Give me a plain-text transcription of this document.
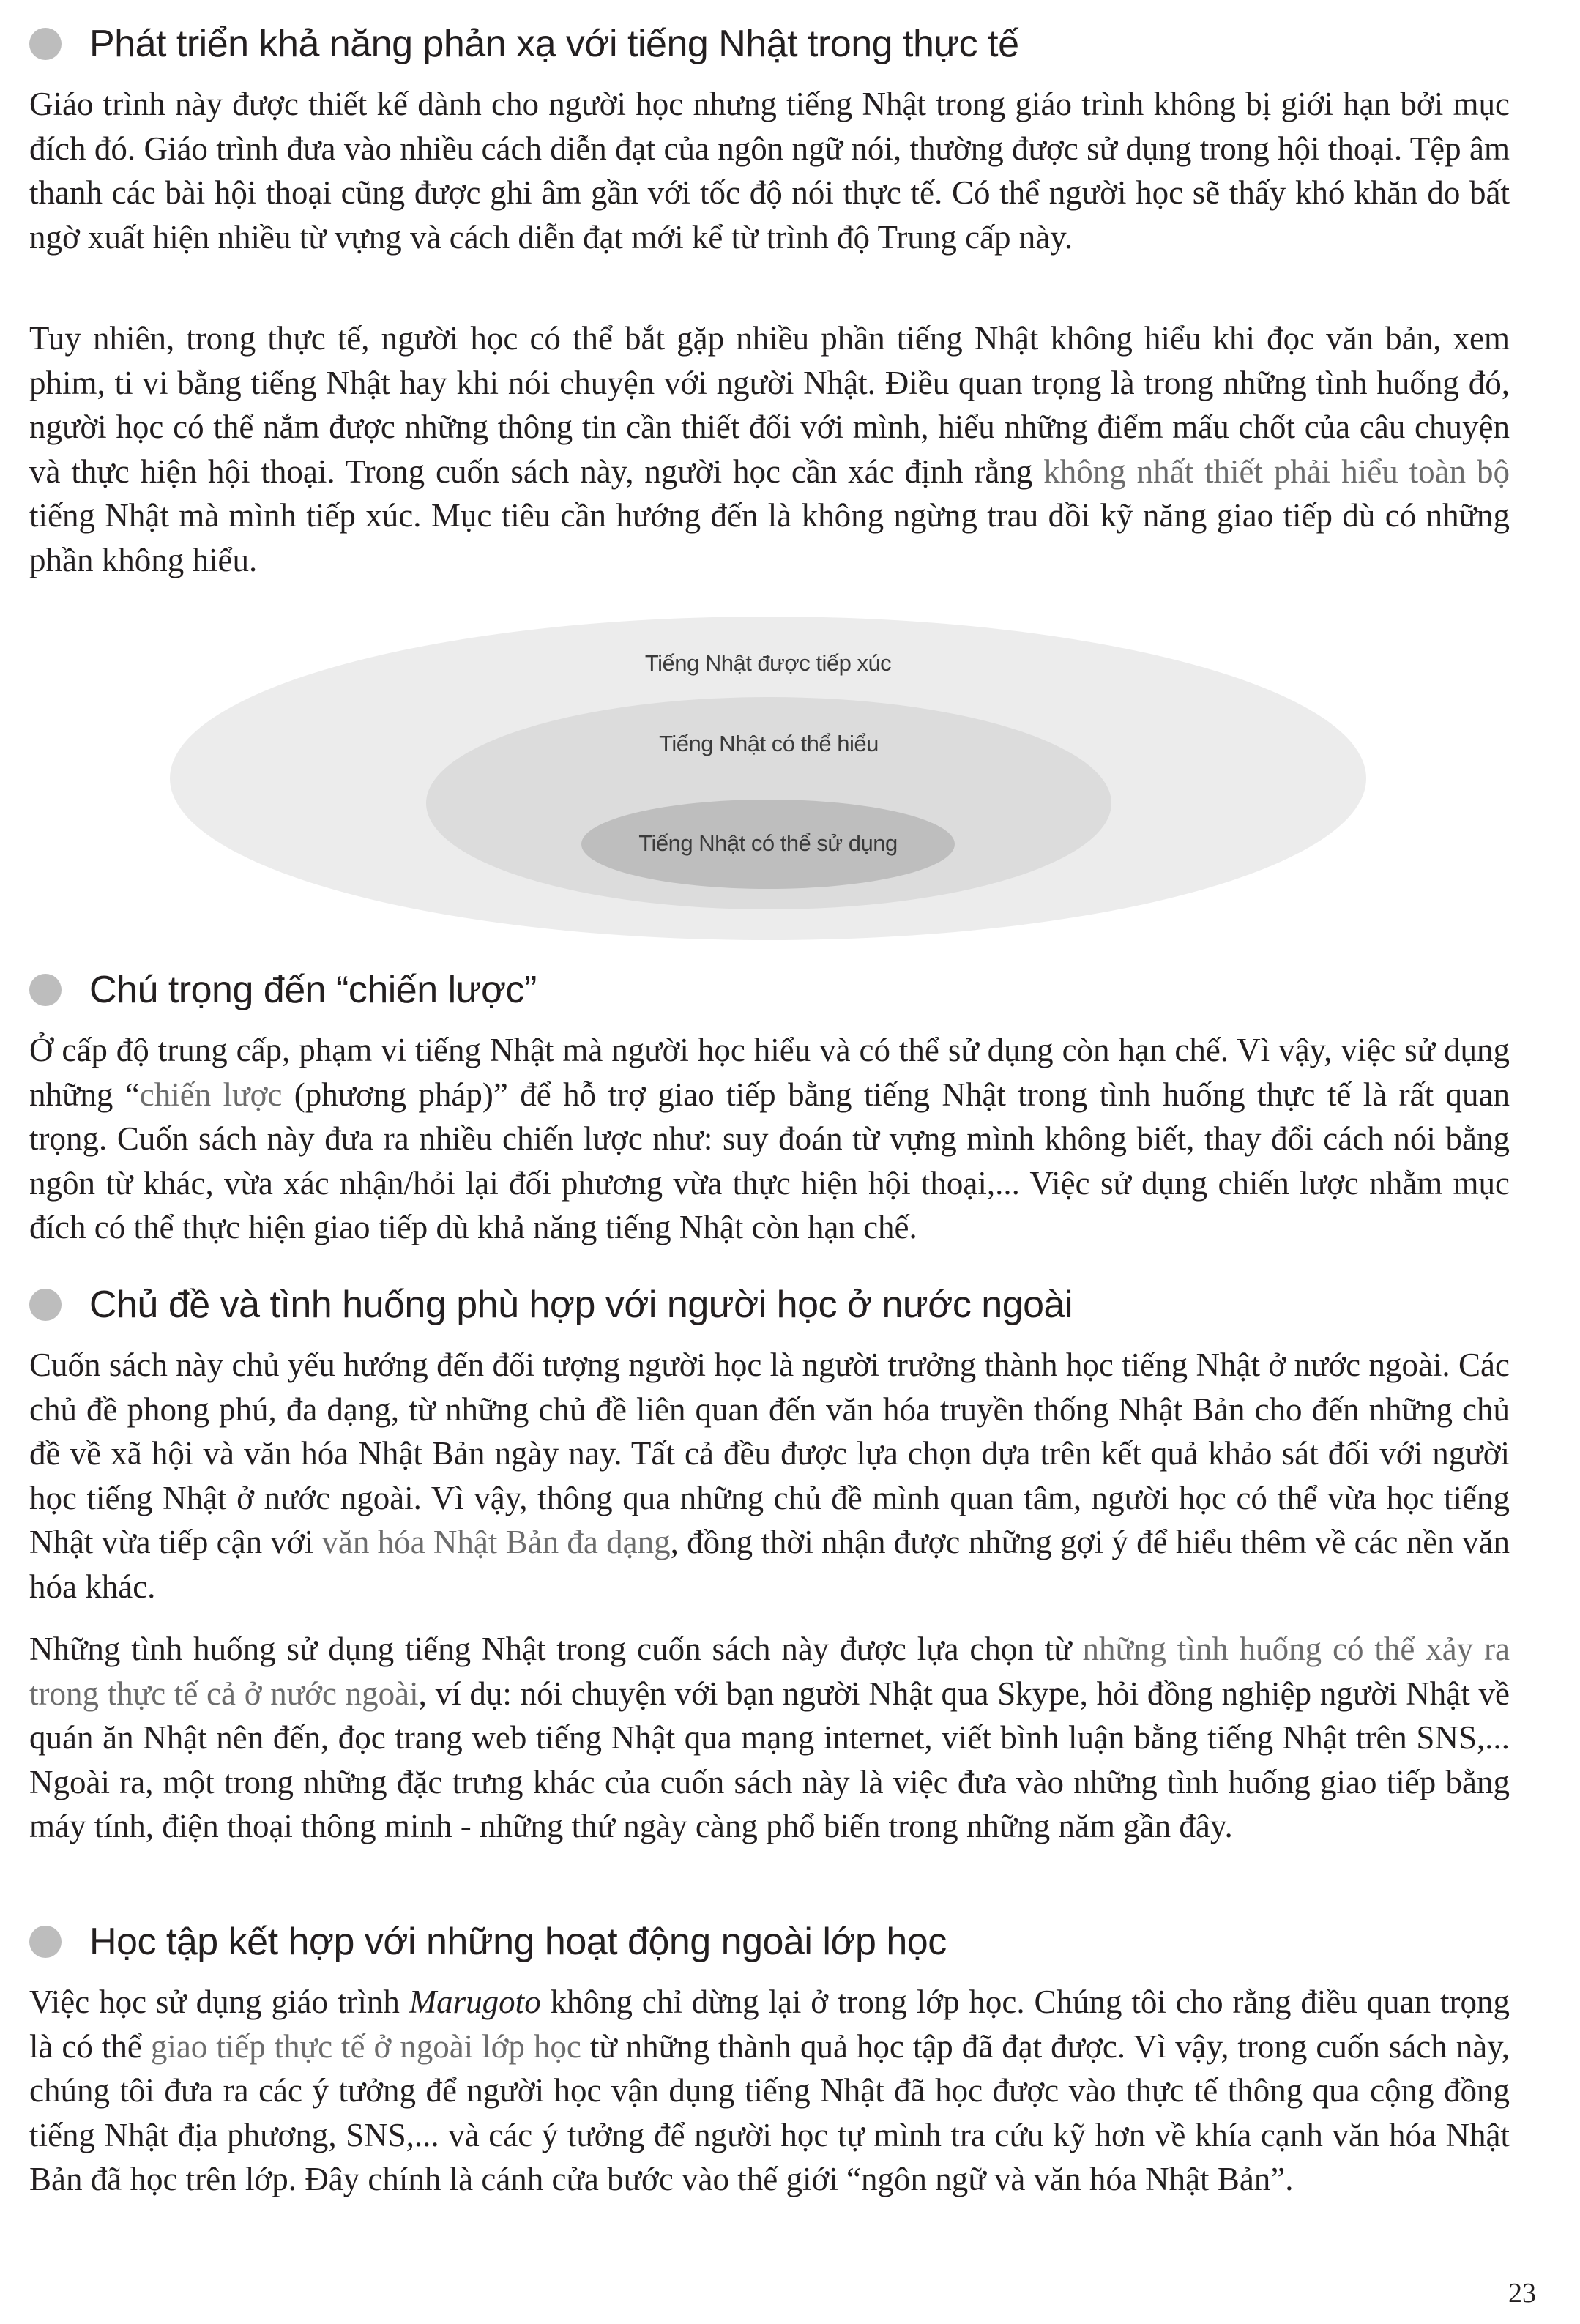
Phát triển khả năng phản xạ với tiếng Nhật trong thực tế

Giáo trình này được thiết kế dành cho người học nhưng tiếng Nhật trong giáo trình không bị giới hạn bởi mục đích đó. Giáo trình đưa vào nhiều cách diễn đạt của ngôn ngữ nói, thường được sử dụng trong hội thoại. Tệp âm thanh các bài hội thoại cũng được ghi âm gần với tốc độ nói thực tế. Có thể người học sẽ thấy khó khăn do bất ngờ xuất hiện nhiều từ vựng và cách diễn đạt mới kể từ trình độ Trung cấp này.

Tuy nhiên, trong thực tế, người học có thể bắt gặp nhiều phần tiếng Nhật không hiểu khi đọc văn bản, xem phim, ti vi bằng tiếng Nhật hay khi nói chuyện với người Nhật. Điều quan trọng là trong những tình huống đó, người học có thể nắm được những thông tin cần thiết đối với mình, hiểu những điểm mấu chốt của câu chuyện và thực hiện hội thoại. Trong cuốn sách này, người học cần xác định rằng không nhất thiết phải hiểu toàn bộ tiếng Nhật mà mình tiếp xúc. Mục tiêu cần hướng đến là không ngừng trau dồi kỹ năng giao tiếp dù có những phần không hiểu.

Tiếng Nhật được tiếp xúc
Tiếng Nhật có thể hiểu
Tiếng Nhật có thể sử dụng
Chú trọng đến “chiến lược”

Ở cấp độ trung cấp, phạm vi tiếng Nhật mà người học hiểu và có thể sử dụng còn hạn chế. Vì vậy, việc sử dụng những “chiến lược (phương pháp)” để hỗ trợ giao tiếp bằng tiếng Nhật trong tình huống thực tế là rất quan trọng. Cuốn sách này đưa ra nhiều chiến lược như: suy đoán từ vựng mình không biết, thay đổi cách nói bằng ngôn từ khác, vừa xác nhận/hỏi lại đối phương vừa thực hiện hội thoại,... Việc sử dụng chiến lược nhằm mục đích có thể thực hiện giao tiếp dù khả năng tiếng Nhật còn hạn chế.

Chủ đề và tình huống phù hợp với người học ở nước ngoài

Cuốn sách này chủ yếu hướng đến đối tượng người học là người trưởng thành học tiếng Nhật ở nước ngoài. Các chủ đề phong phú, đa dạng, từ những chủ đề liên quan đến văn hóa truyền thống Nhật Bản cho đến những chủ đề về xã hội và văn hóa Nhật Bản ngày nay. Tất cả đều được lựa chọn dựa trên kết quả khảo sát đối với người học tiếng Nhật ở nước ngoài. Vì vậy, thông qua những chủ đề mình quan tâm, người học có thể vừa học tiếng Nhật vừa tiếp cận với văn hóa Nhật Bản đa dạng, đồng thời nhận được những gợi ý để hiểu thêm về các nền văn hóa khác.

Những tình huống sử dụng tiếng Nhật trong cuốn sách này được lựa chọn từ những tình huống có thể xảy ra trong thực tế cả ở nước ngoài, ví dụ: nói chuyện với bạn người Nhật qua Skype, hỏi đồng nghiệp người Nhật về quán ăn Nhật nên đến, đọc trang web tiếng Nhật qua mạng internet, viết bình luận bằng tiếng Nhật trên SNS,... Ngoài ra, một trong những đặc trưng khác của cuốn sách này là việc đưa vào những tình huống giao tiếp bằng máy tính, điện thoại thông minh - những thứ ngày càng phổ biến trong những năm gần đây.

Học tập kết hợp với những hoạt động ngoài lớp học

Việc học sử dụng giáo trình Marugoto không chỉ dừng lại ở trong lớp học. Chúng tôi cho rằng điều quan trọng là có thể giao tiếp thực tế ở ngoài lớp học từ những thành quả học tập đã đạt được. Vì vậy, trong cuốn sách này, chúng tôi đưa ra các ý tưởng để người học vận dụng tiếng Nhật đã học được vào thực tế thông qua cộng đồng tiếng Nhật địa phương, SNS,... và các ý tưởng để người học tự mình tra cứu kỹ hơn về khía cạnh văn hóa Nhật Bản đã học trên lớp. Đây chính là cánh cửa bước vào thế giới “ngôn ngữ và văn hóa Nhật Bản”.

23
